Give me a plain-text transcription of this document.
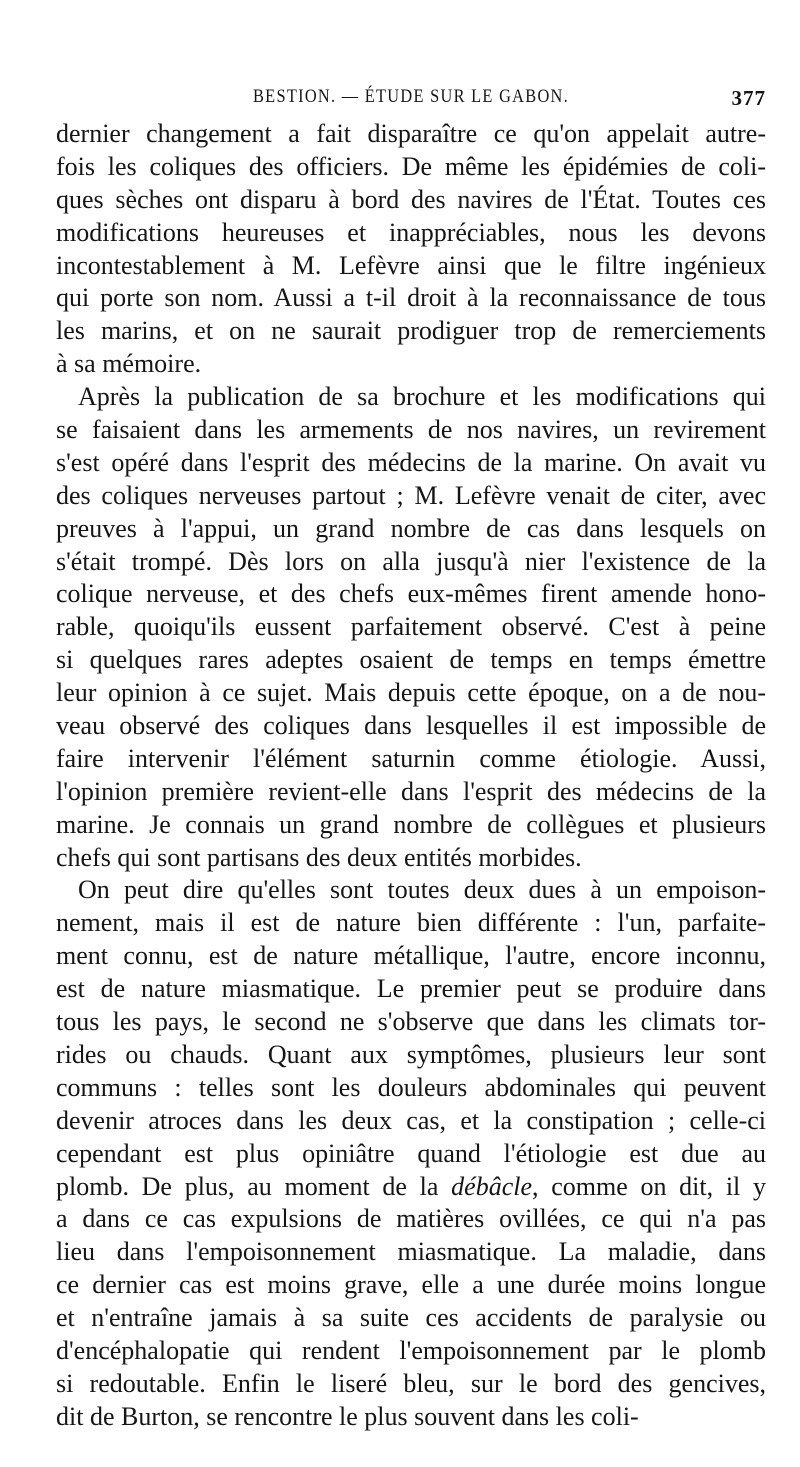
BESTION. — ÉTUDE SUR LE GABON.	377
dernier changement a fait disparaître ce qu'on appelait autre-
fois les coliques des officiers. De même les épidémies de coli-
ques sèches ont disparu à bord des navires de l'État. Toutes ces
modifications heureuses et inappréciables, nous les devons
incontestablement à M. Lefèvre ainsi que le filtre ingénieux
qui porte son nom. Aussi a t-il droit à la reconnaissance de tous
les marins, et on ne saurait prodiguer trop de remerciements
à sa mémoire.
Après la publication de sa brochure et les modifications qui
se faisaient dans les armements de nos navires, un revirement
s'est opéré dans l'esprit des médecins de la marine. On avait vu
des coliques nerveuses partout ; M. Lefèvre venait de citer, avec
preuves à l'appui, un grand nombre de cas dans lesquels on
s'était trompé. Dès lors on alla jusqu'à nier l'existence de la
colique nerveuse, et des chefs eux-mêmes firent amende hono-
rable, quoiqu'ils eussent parfaitement observé. C'est à peine
si quelques rares adeptes osaient de temps en temps émettre
leur opinion à ce sujet. Mais depuis cette époque, on a de nou-
veau observé des coliques dans lesquelles il est impossible de
faire intervenir l'élément saturnin comme étiologie. Aussi,
l'opinion première revient-elle dans l'esprit des médecins de la
marine. Je connais un grand nombre de collègues et plusieurs
chefs qui sont partisans des deux entités morbides.
On peut dire qu'elles sont toutes deux dues à un empoison-
nement, mais il est de nature bien différente : l'un, parfaite-
ment connu, est de nature métallique, l'autre, encore inconnu,
est de nature miasmatique. Le premier peut se produire dans
tous les pays, le second ne s'observe que dans les climats tor-
rides ou chauds. Quant aux symptômes, plusieurs leur sont
communs : telles sont les douleurs abdominales qui peuvent
devenir atroces dans les deux cas, et la constipation ; celle-ci
cependant est plus opiniâtre quand l'étiologie est due au
plomb. De plus, au moment de la débâcle, comme on dit, il y
a dans ce cas expulsions de matières ovillées, ce qui n'a pas
lieu dans l'empoisonnement miasmatique. La maladie, dans
ce dernier cas est moins grave, elle a une durée moins longue
et n'entraîne jamais à sa suite ces accidents de paralysie ou
d'encéphalopatie qui rendent l'empoisonnement par le plomb
si redoutable. Enfin le liseré bleu, sur le bord des gencives,
dit de Burton, se rencontre le plus souvent dans les coli-
